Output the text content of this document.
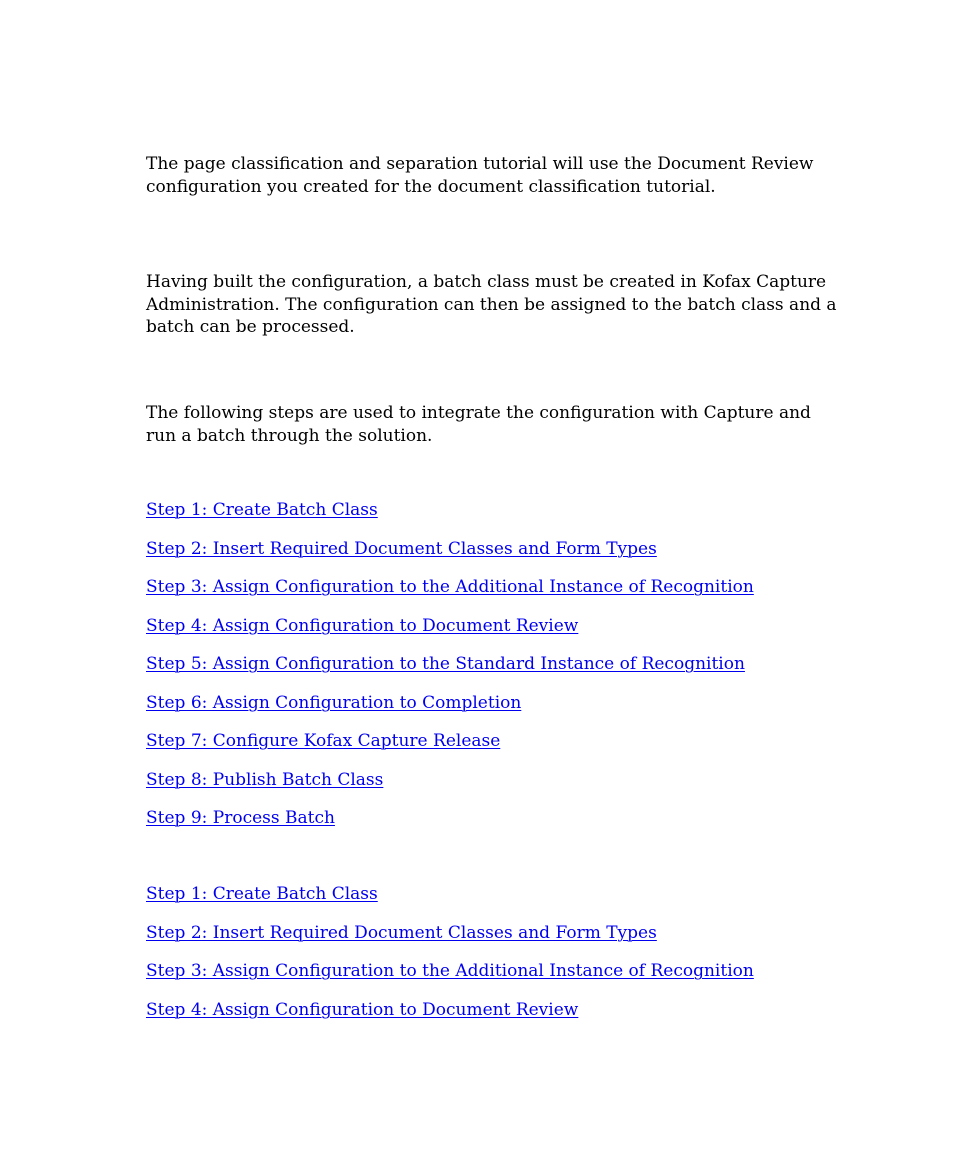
The page classification and separation tutorial will use the Document Review configuration you created for the document classification tutorial.

Having built the configuration, a batch class must be created in Kofax Capture Administration. The configuration can then be assigned to the batch class and a batch can be processed.

The following steps are used to integrate the configuration with Capture and run a batch through the solution.

Step 1: Create Batch Class
Step 2: Insert Required Document Classes and Form Types
Step 3: Assign Configuration to the Additional Instance of Recognition
Step 4: Assign Configuration to Document Review
Step 5: Assign Configuration to the Standard Instance of Recognition
Step 6: Assign Configuration to Completion
Step 7: Configure Kofax Capture Release
Step 8: Publish Batch Class
Step 9: Process Batch
Step 1: Create Batch Class
Step 2: Insert Required Document Classes and Form Types
Step 3: Assign Configuration to the Additional Instance of Recognition
Step 4: Assign Configuration to Document Review
